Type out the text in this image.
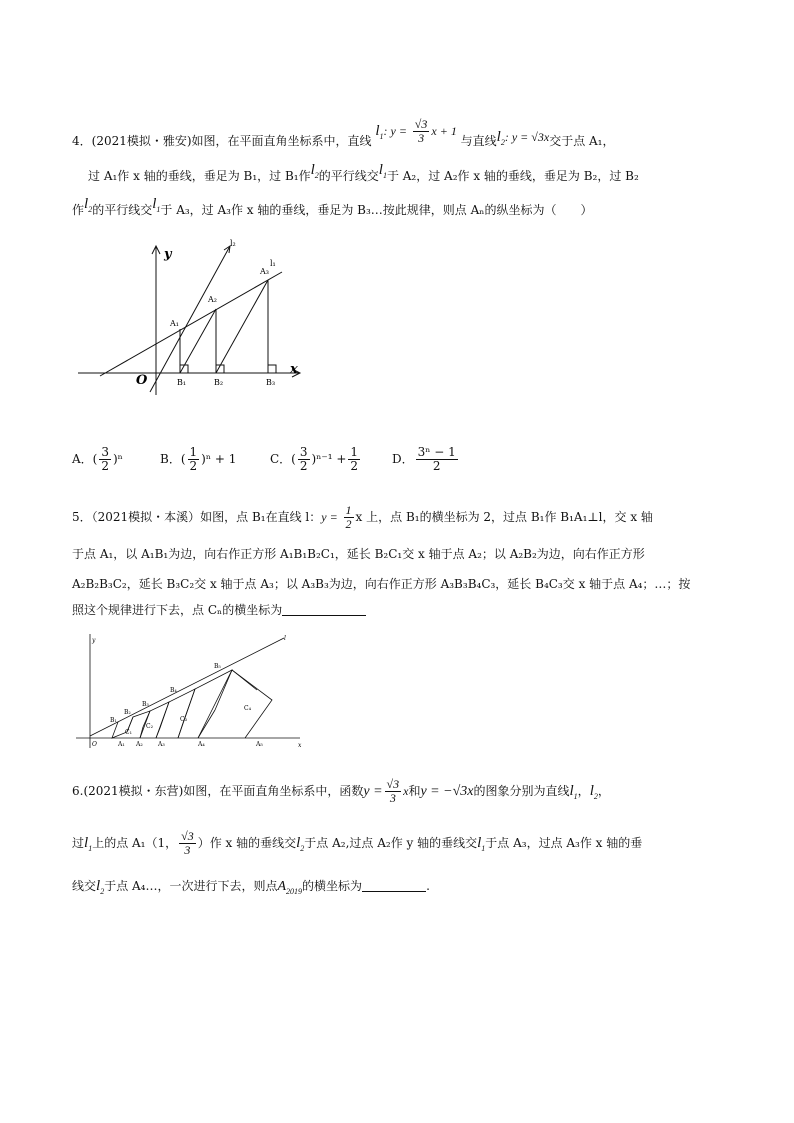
4．(2021模拟・雅安)如图，在平面直角坐标系中，直线 $l_1$: $y = \frac{√3}{3}$ x + 1 与直线$l_2$: y = √3x交于点 A₁，
过 A₁作 x 轴的垂线，垂足为 B₁，过 B₁作$l_2$的平行线交$l_1$于 A₂，过 A₂作 x 轴的垂线，垂足为 B₂，过 B₂
作$l_2$的平行线交$l_1$于 A₃，过 A₃作 x 轴的垂线，垂足为 B₃…按此规律，则点 Aₙ的纵坐标为（　　）
y
x
O
l₂
l₁
A₁
A₂
A₃
B₁	B₂	B₃
A．( $\frac{3}{2} )^n$	B．( $\frac{1}{2} )^n + 1$	C．( $\frac{3}{2} )^{n-1} + \frac{1}{2}$	D． $\frac{\text{3ⁿ − 1}}{2}$
5．（2021模拟・本溪）如图，点 B₁在直线 l：$y = \frac{1}{2}$ x 上，点 B₁的横坐标为 2，过点 B₁作 B₁A₁⊥l，交 x 轴
于点 A₁，以 A₁B₁为边，向右作正方形 A₁B₁B₂C₁，延长 B₂C₁交 x 轴于点 A₂；以 A₂B₂为边，向右作正方形
A₂B₂B₃C₂，延长 B₃C₂交 x 轴于点 A₃；以 A₃B₃为边，向右作正方形 A₃B₃B₄C₃，延长 B₄C₃交 x 轴于点 A₄；…；按
照这个规律进行下去，点 Cₙ的横坐标为
y
x
O
l
B₁
B₂
B₃
B₄
B₅
C₁
C₂
C₃
C₄
A₁ A₂	A₃	A₄	A₅
6.(2021模拟・东营)如图，在平面直角坐标系中，函数$y = \frac{√3}{3}$ x和y = −√3x的图象分别为直线$l_1$，$l_2$，
过$l_1$上的点 A₁（1， $\frac{√3}{3}$ ）作 x 轴的垂线交$l_2$于点 A₂,过点 A₂作 y 轴的垂线交$l_1$于点 A₃，过点 A₃作 x 轴的垂
线交$l_2$于点 A₄…，一次进行下去，则点$A_{2019}$的横坐标为	.
